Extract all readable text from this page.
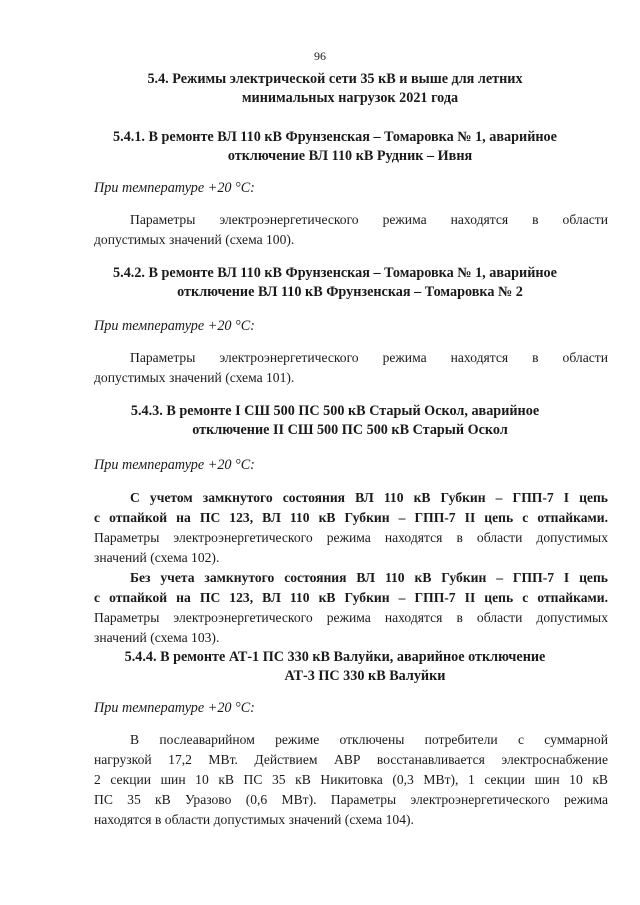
96
5.4. Режимы электрической сети 35 кВ и выше для летних

минимальных нагрузок 2021 года
5.4.1. В ремонте ВЛ 110 кВ Фрунзенская – Томаровка № 1, аварийное

отключение ВЛ 110 кВ Рудник – Ивня
При температуре +20 °С:
Параметры электроэнергетического режима находятся в области
допустимых значений (схема 100).
5.4.2. В ремонте ВЛ 110 кВ Фрунзенская – Томаровка № 1, аварийное

отключение ВЛ 110 кВ Фрунзенская – Томаровка № 2
При температуре +20 °С:
Параметры электроэнергетического режима находятся в области
допустимых значений (схема 101).
5.4.3. В ремонте I СШ 500 ПС 500 кВ Старый Оскол, аварийное

отключение II СШ 500 ПС 500 кВ Старый Оскол
При температуре +20 °С:
С учетом замкнутого состояния ВЛ 110 кВ Губкин – ГПП-7 I цепь
с отпайкой на ПС 123, ВЛ 110 кВ Губкин – ГПП-7 II цепь с отпайками.
Параметры электроэнергетического режима находятся в области допустимых
значений (схема 102).
Без учета замкнутого состояния ВЛ 110 кВ Губкин – ГПП-7 I цепь
с отпайкой на ПС 123, ВЛ 110 кВ Губкин – ГПП-7 II цепь с отпайками.
Параметры электроэнергетического режима находятся в области допустимых
значений (схема 103).
5.4.4. В ремонте АТ-1 ПС 330 кВ Валуйки, аварийное отключение

АТ-3 ПС 330 кВ Валуйки
При температуре +20 °С:
В послеаварийном режиме отключены потребители с суммарной
нагрузкой 17,2 МВт. Действием АВР восстанавливается электроснабжение
2 секции шин 10 кВ ПС 35 кВ Никитовка (0,3 МВт), 1 секции шин 10 кВ
ПС 35 кВ Уразово (0,6 МВт). Параметры электроэнергетического режима
находятся в области допустимых значений (схема 104).
